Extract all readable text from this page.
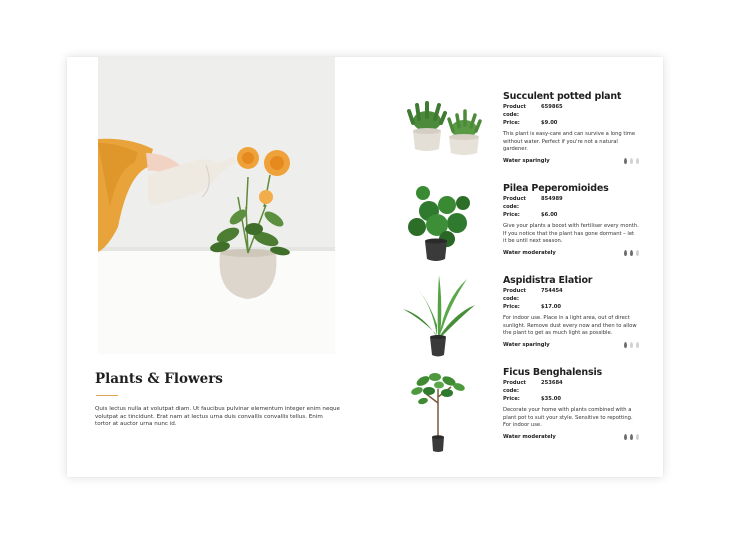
Plants & Flowers

Quis lectus nulla at volutpat diam. Ut faucibus pulvinar elementum integer enim neque volutpat ac tincidunt. Erat nam at lectus urna duis convallis convallis tellus. Enim tortor at auctor urna nunc id.

Succulent potted plant
Product code:
659865
Price:	$9.00

This plant is easy-care and can survive a long time without water. Perfect if you're not a natural gardener.

Water sparingly
Pilea Peperomioides
Product code:
854989
Price:	$6.00

Give your plants a boost with fertiliser every month. If you notice that the plant has gone dormant – let it be until next season.

Water moderately
Aspidistra Elatior
Product code:
754454
Price:	$17.00

For indoor use. Place in a light area, out of direct sunlight. Remove dust every now and then to allow the plant to get as much light as possible.

Water sparingly
Ficus Benghalensis
Product code:
253684
Price:	$35.00

Decorate your home with plants combined with a plant pot to suit your style. Sensitive to repotting. For indoor use.

Water moderately
